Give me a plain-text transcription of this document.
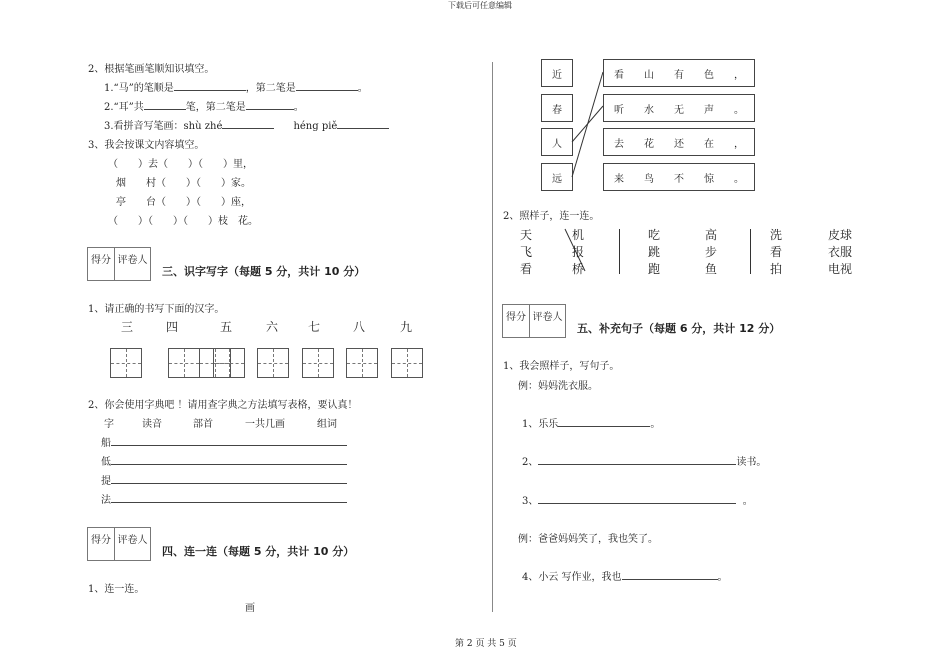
下载后可任意编辑
第 2 页 共 5 页
2、根据笔画笔顺知识填空。
1.“马”的笔顺是	，第二笔是	。
2.“耳”共	笔，第二笔是	。
3.看拼音写笔画：shù zhé	héng piě
3、我会按课文内容填空。
（　　）去（　　）（　　）里，
烟　　村（　　）（　　）家。
亭　　台（　　）（　　）座，
（　　）（　　）（　　）枝　花。
得分 评卷人
三、识字写字（每题 5 分，共计 10 分）
1、请正确的书写下面的汉字。
三	四	五	六 七	八	九
2、你会使用字典吧 ！请用查字典之方法填写表格，要认真！
字	读音	部首	一共几画	组词
船
低
提
法
得分 评卷人
四、连一连（每题 5 分，共计 10 分）
1、连一连。
画
近
春
人
远
看	山	有	色	，
听	水	无	声	。
去	花	还	在	，
来	鸟	不	惊	。
2、照样子，连一连。
天
飞
看
机
报
桥
吃
跳
跑
高
步
鱼
洗
看
拍
皮球
衣服
电视
得分 评卷人
五、补充句子（每题 6 分，共计 12 分）
1、我会照样子，写句子。
例：妈妈洗衣服。
1、乐乐	。
2、	读书。
3、	。
例：爸爸妈妈笑了，我也笑了。
4、小云 写作业，我也	。
